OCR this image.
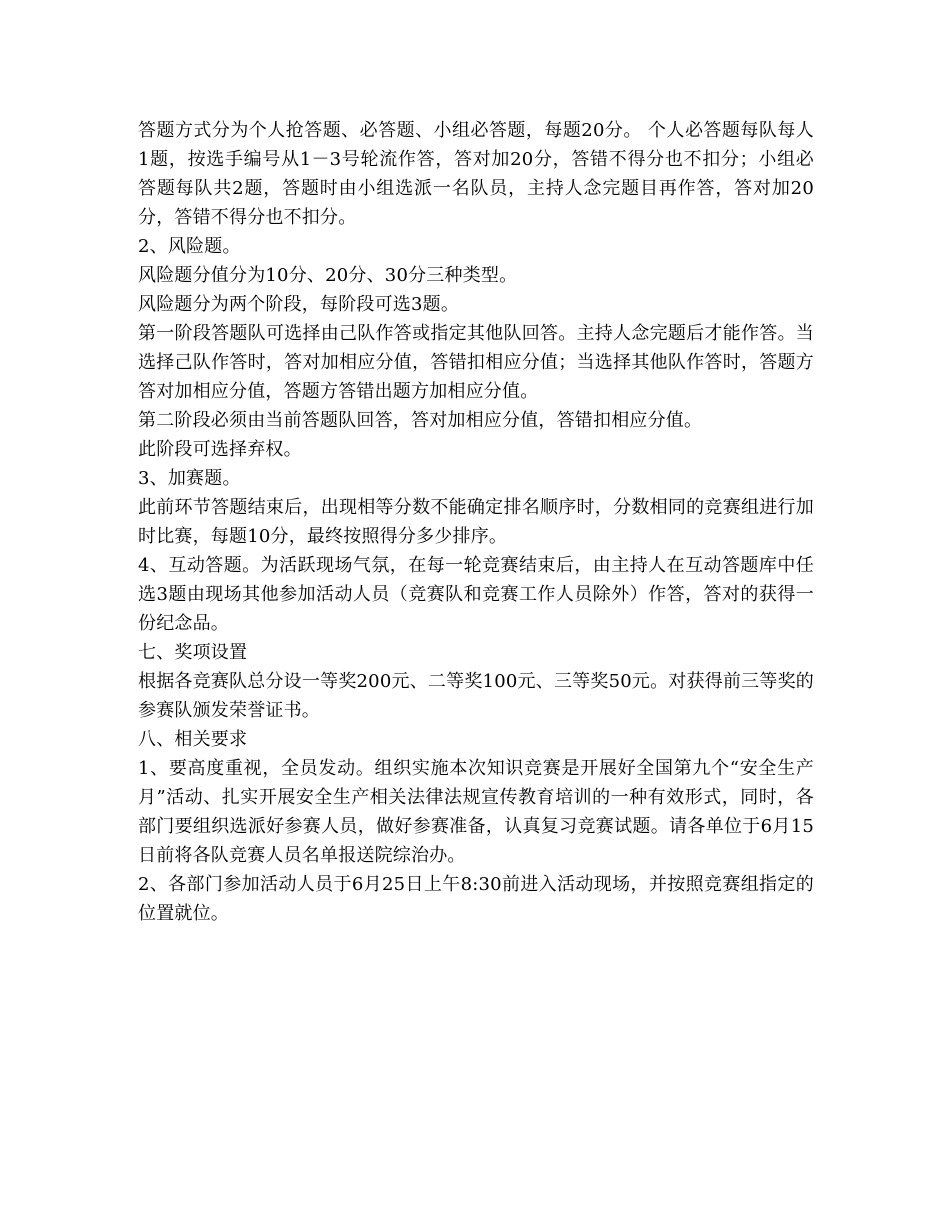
答题方式分为个人抢答题、必答题、小组必答题，每题20分。 个人必答题每队每人1题，按选手编号从1－3号轮流作答，答对加20分，答错不得分也不扣分；小组必答题每队共2题，答题时由小组选派一名队员，主持人念完题目再作答，答对加20分，答错不得分也不扣分。

2、风险题。

风险题分值分为10分、20分、30分三种类型。

风险题分为两个阶段，每阶段可选3题。

第一阶段答题队可选择由己队作答或指定其他队回答。主持人念完题后才能作答。当选择己队作答时，答对加相应分值，答错扣相应分值；当选择其他队作答时，答题方答对加相应分值，答题方答错出题方加相应分值。

第二阶段必须由当前答题队回答，答对加相应分值，答错扣相应分值。

此阶段可选择弃权。

3、加赛题。

此前环节答题结束后，出现相等分数不能确定排名顺序时，分数相同的竞赛组进行加时比赛，每题10分，最终按照得分多少排序。

4、互动答题。为活跃现场气氛，在每一轮竞赛结束后，由主持人在互动答题库中任选3题由现场其他参加活动人员（竞赛队和竞赛工作人员除外）作答，答对的获得一份纪念品。

七、奖项设置

根据各竞赛队总分设一等奖200元、二等奖100元、三等奖50元。对获得前三等奖的参赛队颁发荣誉证书。

八、相关要求

1、要高度重视，全员发动。组织实施本次知识竞赛是开展好全国第九个“安全生产月”活动、扎实开展安全生产相关法律法规宣传教育培训的一种有效形式，同时，各部门要组织选派好参赛人员，做好参赛准备，认真复习竞赛试题。请各单位于6月15日前将各队竞赛人员名单报送院综治办。

2、各部门参加活动人员于6月25日上午8:30前进入活动现场，并按照竞赛组指定的位置就位。
